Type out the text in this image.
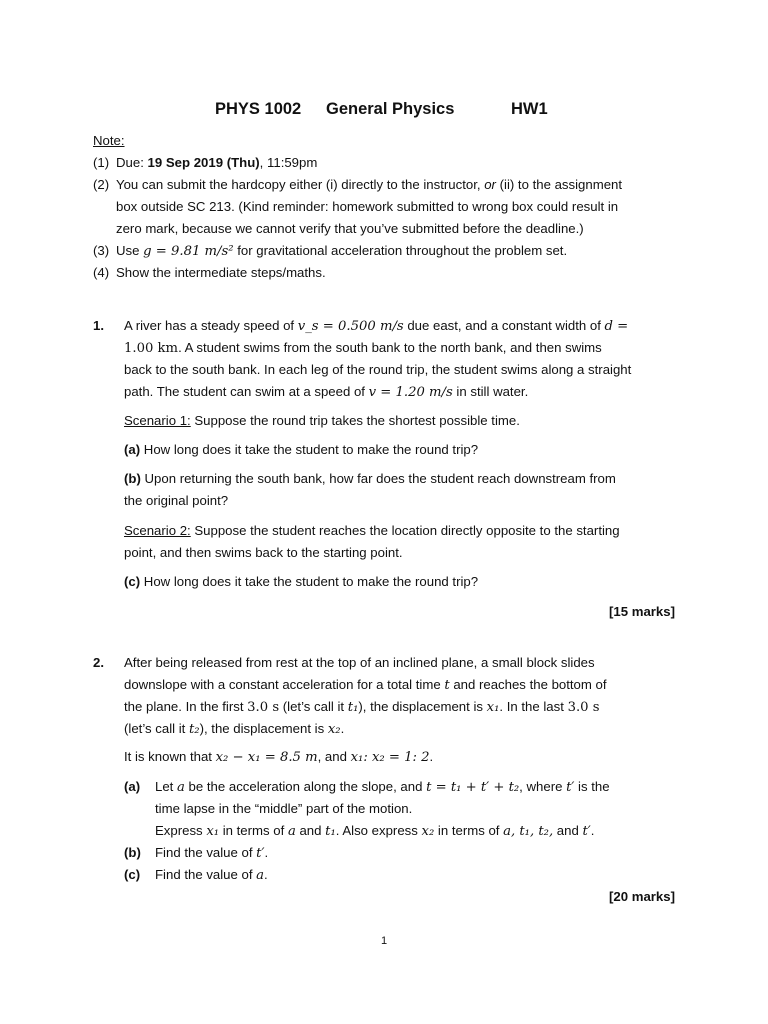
PHYS 1002 General Physics	HW1
Note:
(1) Due: 19 Sep 2019 (Thu), 11:59pm
(2) You can submit the hardcopy either (i) directly to the instructor, or (ii) to the assignment
box outside SC 213. (Kind reminder: homework submitted to wrong box could result in
zero mark, because we cannot verify that you’ve submitted before the deadline.)
(3) Use g = 9.81 m/s² for gravitational acceleration throughout the problem set.
(4) Show the intermediate steps/maths.
1. A river has a steady speed of v_s = 0.500 m/s due east, and a constant width of d =
1.00 km. A student swims from the south bank to the north bank, and then swims
back to the south bank. In each leg of the round trip, the student swims along a straight
path. The student can swim at a speed of v = 1.20 m/s in still water.
Scenario 1: Suppose the round trip takes the shortest possible time.
(a) How long does it take the student to make the round trip?
(b) Upon returning the south bank, how far does the student reach downstream from
the original point?
Scenario 2: Suppose the student reaches the location directly opposite to the starting
point, and then swims back to the starting point.
(c) How long does it take the student to make the round trip?
[15 marks]
2. After being released from rest at the top of an inclined plane, a small block slides
downslope with a constant acceleration for a total time t and reaches the bottom of
the plane. In the first 3.0 s (let’s call it t₁), the displacement is x₁. In the last 3.0 s
(let’s call it t₂), the displacement is x₂.
It is known that x₂ − x₁ = 8.5 m, and x₁: x₂ = 1: 2.
(a) Let a be the acceleration along the slope, and t = t₁ + t′ + t₂, where t′ is the
time lapse in the “middle” part of the motion.
Express x₁ in terms of a and t₁. Also express x₂ in terms of a, t₁, t₂, and t′.
(b) Find the value of t′.
(c) Find the value of a.
[20 marks]
1
